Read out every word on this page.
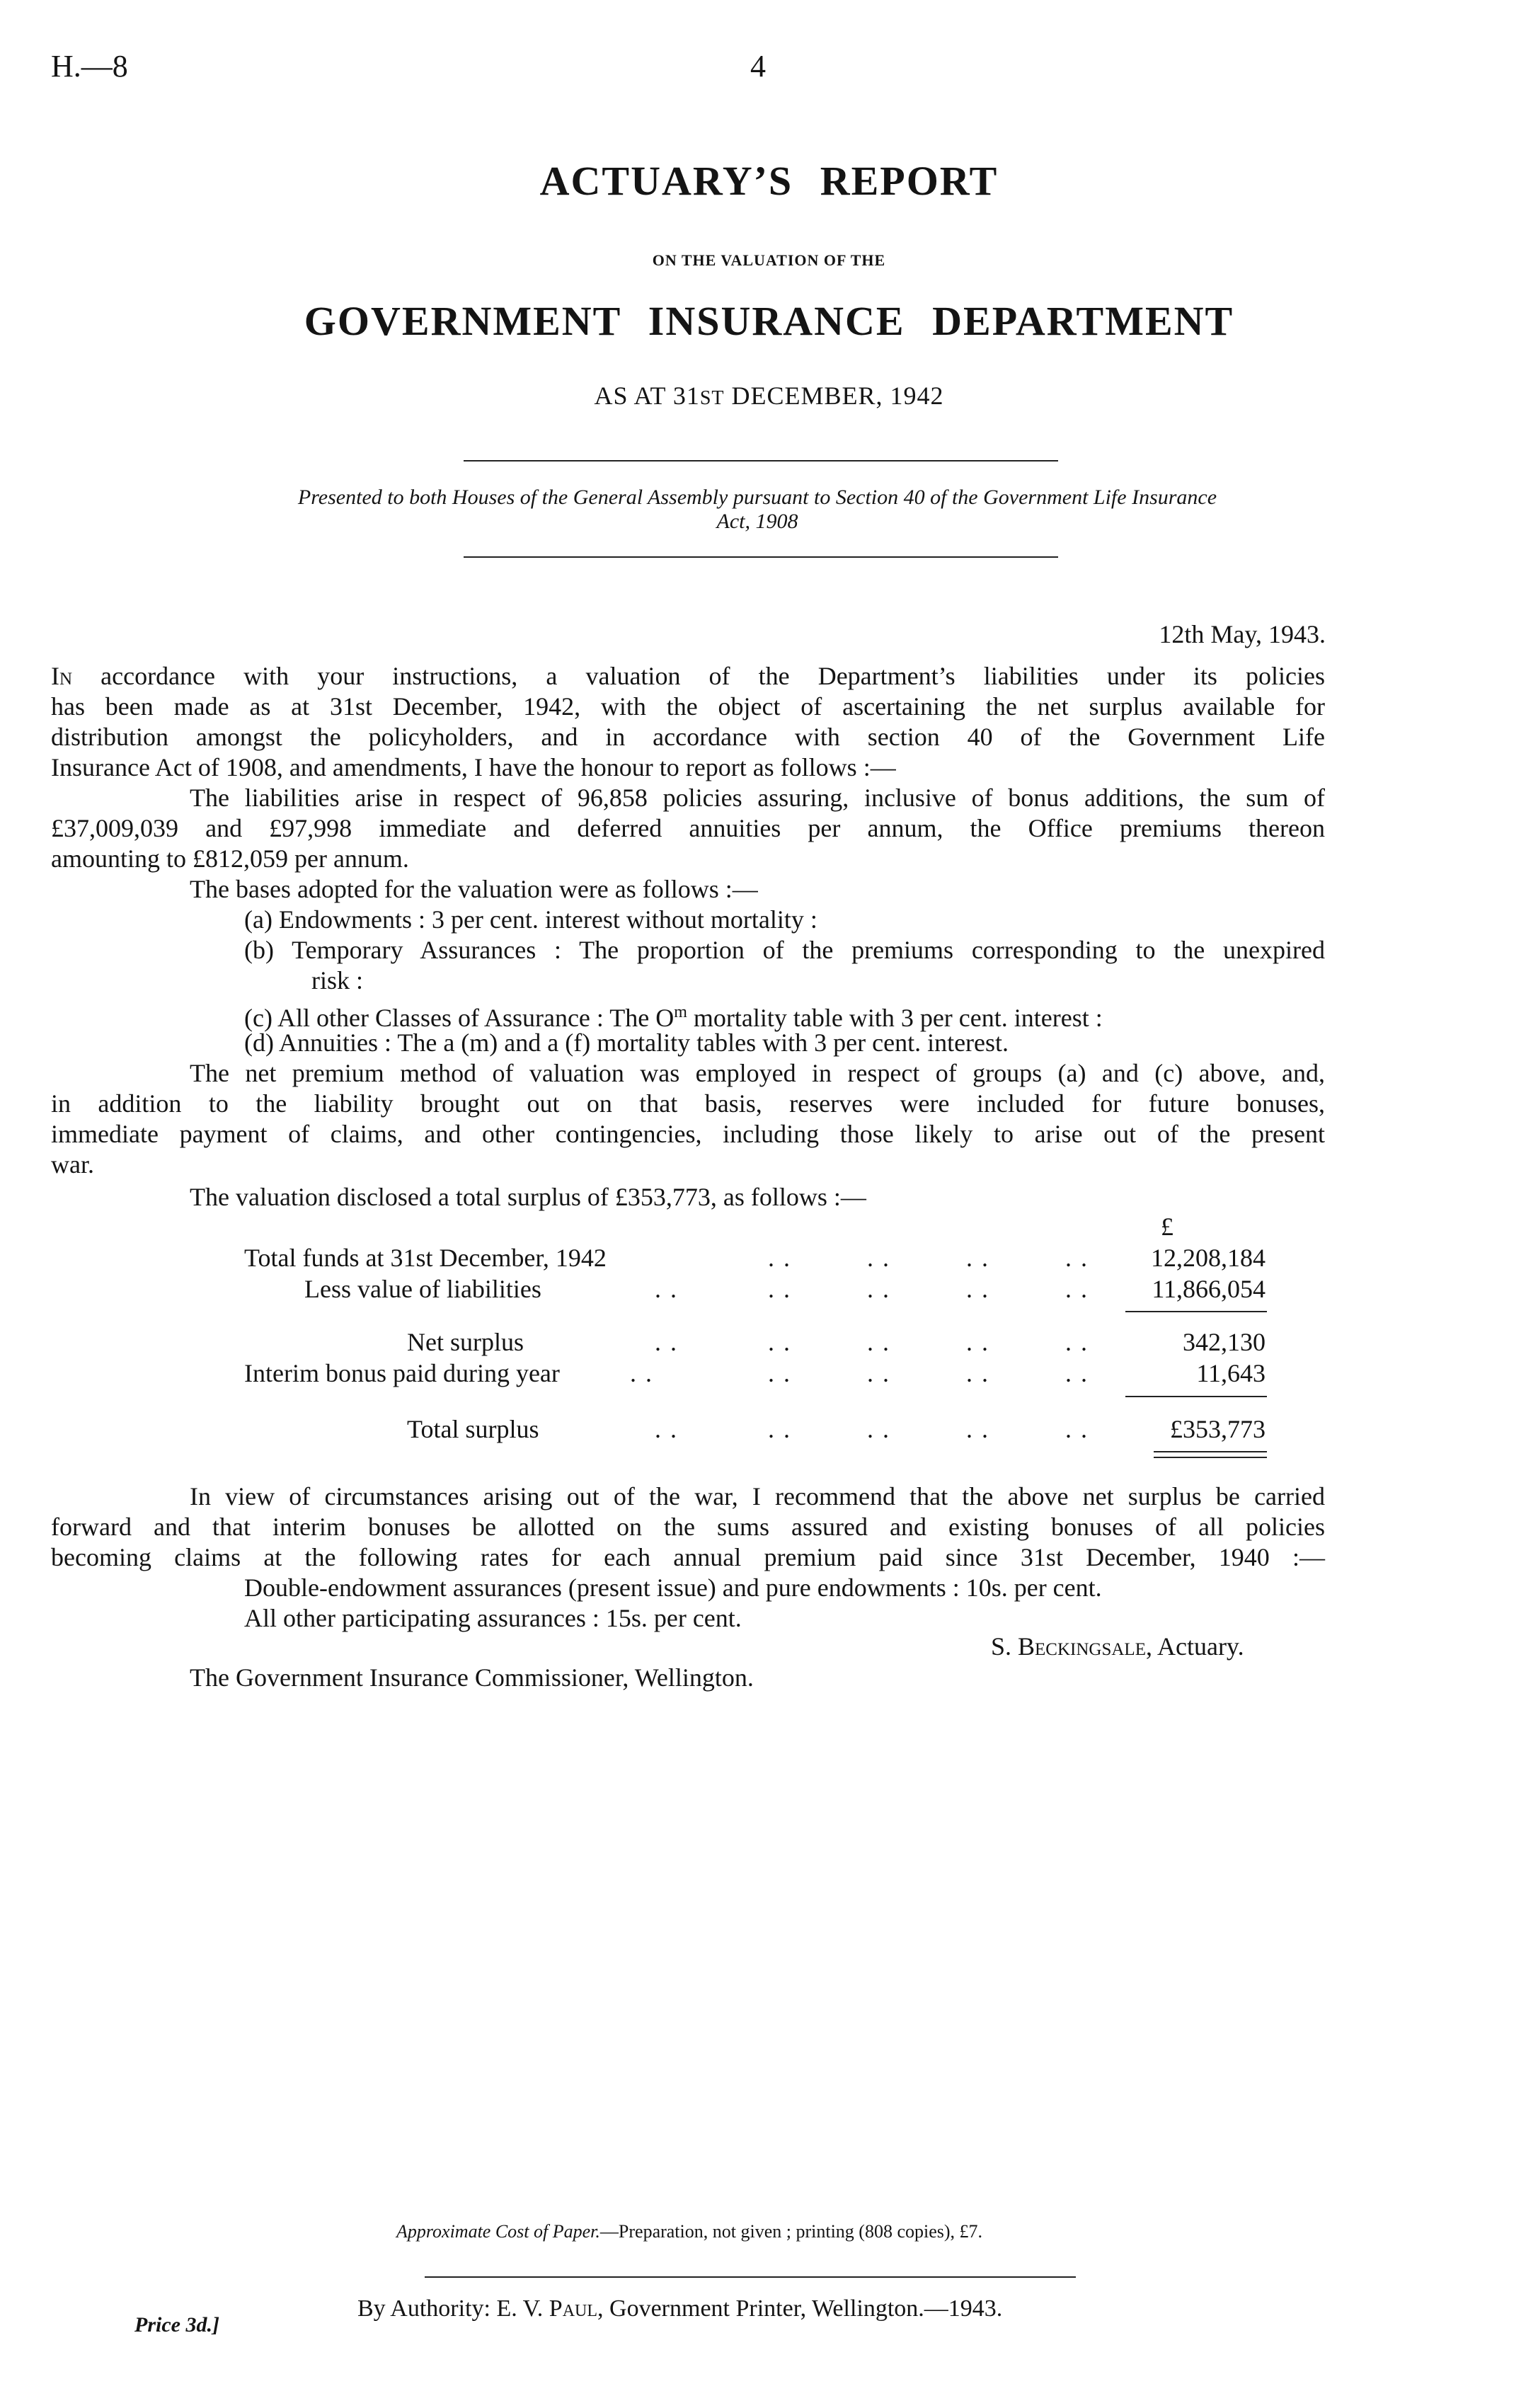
H.—8	4
ACTUARY’S REPORT
ON THE VALUATION OF THE
GOVERNMENT INSURANCE DEPARTMENT
AS AT 31ST DECEMBER, 1942
Presented to both Houses of the General Assembly pursuant to Section 40 of the Government Life Insurance
Act, 1908
12th May, 1943.
In accordance with your instructions, a valuation of the Department’s liabilities under its policies
has been made as at 31st December, 1942, with the object of ascertaining the net surplus available for
distribution amongst the policyholders, and in accordance with section 40 of the Government Life
Insurance Act of 1908, and amendments, I have the honour to report as follows :—
The liabilities arise in respect of 96,858 policies assuring, inclusive of bonus additions, the sum of
£37,009,039 and £97,998 immediate and deferred annuities per annum, the Office premiums thereon
amounting to £812,059 per annum.
The bases adopted for the valuation were as follows :—
(a) Endowments : 3 per cent. interest without mortality :
(b) Temporary Assurances : The proportion of the premiums corresponding to the unexpired
risk :
(c) All other Classes of Assurance : The $O^m$ mortality table with 3 per cent. interest :
(d) Annuities : The a (m) and a (f) mortality tables with 3 per cent. interest.
The net premium method of valuation was employed in respect of groups (a) and (c) above, and,
in addition to the liability brought out on that basis, reserves were included for future bonuses,
immediate payment of claims, and other contingencies, including those likely to arise out of the present
war.
The valuation disclosed a total surplus of £353,773, as follows :—
£
Total funds at 31st December, 1942	. .	. .	. .	. . 12,208,184
Less value of liabilities	. .	. .	. .	. .	. . 11,866,054
Net surplus	. .	. .	. .	. .	. .	342,130
Interim bonus paid during year	. .	. .	. .	. .	. .	11,643
Total surplus	. .	. .	. .	. .	. .	£353,773
In view of circumstances arising out of the war, I recommend that the above net surplus be carried
forward and that interim bonuses be allotted on the sums assured and existing bonuses of all policies
becoming claims at the following rates for each annual premium paid since 31st December, 1940 :—
Double-endowment assurances (present issue) and pure endowments : 10s. per cent.
All other participating assurances : 15s. per cent.
S. Beckingsale, Actuary.
The Government Insurance Commissioner, Wellington.
Approximate Cost of Paper.—Preparation, not given ; printing (808 copies), £7.
By Authority: E. V. Paul, Government Printer, Wellington.—1943.
Price 3d.]
